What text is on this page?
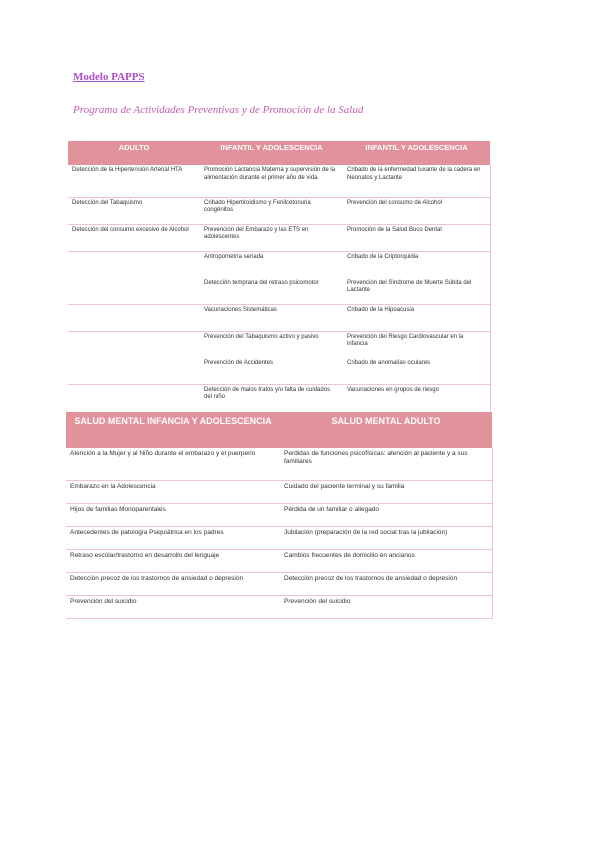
Modelo PAPPS
Programa de Actividades Preventivas y de Promoción de la Salud
ADULTO	INFANTIL Y ADOLESCENCIA	INFANTIL Y ADOLESCENCIA
Detección de la Hipertensión Arterial HTA	Promoción Lactancia Materna y supervisión de la alimentación durante el primer año de vida	Cribado de la enfermedad luxante de la cadera en Neonatos y Lactante
Detección del Tabaquismo	Cribado Hipertiroidismo y Fenilcetonuria congénitos	Prevención del consumo de Alcohol
Detección del consumo excesivo de Alcohol	Prevención del Embarazo y las ETS en adolescentes	Promoción de la Salud Buco Dental
	Antropometría seriada	Cribado de la Criptorquidia
	Detección temprana del retraso psicomotor	Prevención del Síndrome de Muerte Súbita del Lactante
	Vacunaciones Sistemáticas	Cribado de la Hipoacusia
	Prevención del Tabaquismo activo y pasivo	Prevención del Riesgo Cardiovascular en la infancia
	Prevención de Accidentes	Cribado de anomalías oculares
	Detección de malos tratos y/o falta de cuidados del niño	Vacunaciones en grupos de riesgo
SALUD MENTAL INFANCIA Y ADOLESCENCIA	SALUD MENTAL ADULTO
Atención a la Mujer y al Niño durante el embarazo y el puerperio	Perdidas de funciones psicofísicas: atención al paciente y a sus familiares
Embarazo en la Adolescencia	Cuidado del paciente terminal y su familia
Hijos de familias Monoparentales	Pérdida de un familiar o allegado
Antecedentes de patología Psiquiátrica en los padres	Jubilación (preparación de la red social tras la jubilación)
Retraso escolar/trastorno en desarrollo del lenguaje	Cambios frecuentes de domicilio en ancianos
Detección precoz de los trastornos de ansiedad o depresión	Detección precoz de los trastornos de ansiedad o depresión
Prevención del suicidio	Prevención del suicidio
